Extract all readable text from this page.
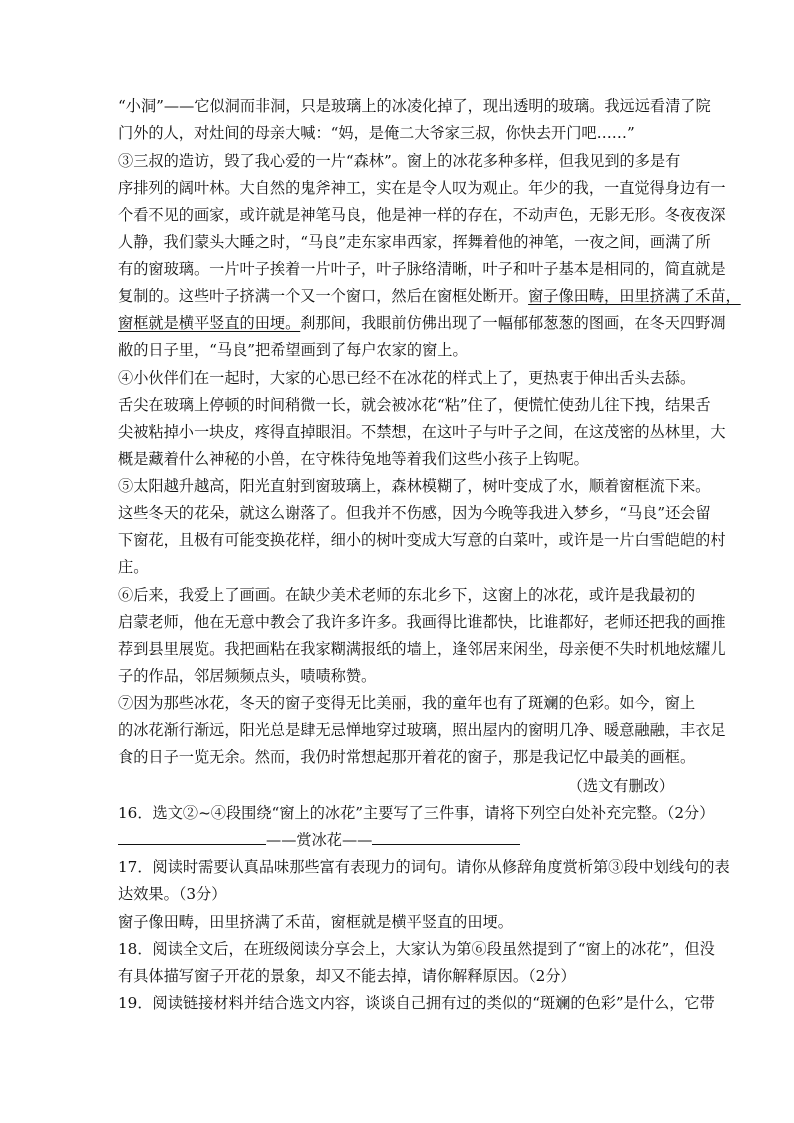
“小洞”——它似洞而非洞，只是玻璃上的冰凌化掉了，现出透明的玻璃。我远远看清了院
门外的人，对灶间的母亲大喊：“妈，是俺二大爷家三叔，你快去开门吧……”
③三叔的造访，毁了我心爱的一片“森林”。窗上的冰花多种多样，但我见到的多是有
序排列的阔叶林。大自然的鬼斧神工，实在是令人叹为观止。年少的我，一直觉得身边有一
个看不见的画家，或许就是神笔马良，他是神一样的存在，不动声色，无影无形。冬夜夜深
人静，我们蒙头大睡之时，“马良”走东家串西家，挥舞着他的神笔，一夜之间，画满了所
有的窗玻璃。一片叶子挨着一片叶子，叶子脉络清晰，叶子和叶子基本是相同的，简直就是
复制的。这些叶子挤满一个又一个窗口，然后在窗框处断开。窗子像田畴，田里挤满了禾苗，
窗框就是横平竖直的田埂。刹那间，我眼前仿佛出现了一幅郁郁葱葱的图画，在冬天四野凋
敝的日子里，“马良”把希望画到了每户农家的窗上。
④小伙伴们在一起时，大家的心思已经不在冰花的样式上了，更热衷于伸出舌头去舔。
舌尖在玻璃上停顿的时间稍微一长，就会被冰花“粘”住了，便慌忙使劲儿往下拽，结果舌
尖被粘掉小一块皮，疼得直掉眼泪。不禁想，在这叶子与叶子之间，在这茂密的丛林里，大
概是藏着什么神秘的小兽，在守株待兔地等着我们这些小孩子上钩呢。
⑤太阳越升越高，阳光直射到窗玻璃上，森林模糊了，树叶变成了水，顺着窗框流下来。
这些冬天的花朵，就这么谢落了。但我并不伤感，因为今晚等我进入梦乡，“马良”还会留
下窗花，且极有可能变换花样，细小的树叶变成大写意的白菜叶，或许是一片白雪皑皑的村
庄。
⑥后来，我爱上了画画。在缺少美术老师的东北乡下，这窗上的冰花，或许是我最初的
启蒙老师，他在无意中教会了我许多许多。我画得比谁都快，比谁都好，老师还把我的画推
荐到县里展览。我把画粘在我家糊满报纸的墙上，逢邻居来闲坐，母亲便不失时机地炫耀儿
子的作品，邻居频频点头，啧啧称赞。
⑦因为那些冰花，冬天的窗子变得无比美丽，我的童年也有了斑斓的色彩。如今，窗上
的冰花渐行渐远，阳光总是肆无忌惮地穿过玻璃，照出屋内的窗明几净、暖意融融，丰衣足
食的日子一览无余。然而，我仍时常想起那开着花的窗子，那是我记忆中最美的画框。
（选文有删改）
16．选文②~④段围绕“窗上的冰花”主要写了三件事，请将下列空白处补充完整。（2分）
——赏冰花——
17．阅读时需要认真品味那些富有表现力的词句。请你从修辞角度赏析第③段中划线句的表
达效果。（3分）
窗子像田畴，田里挤满了禾苗，窗框就是横平竖直的田埂。
18．阅读全文后，在班级阅读分享会上，大家认为第⑥段虽然提到了“窗上的冰花”，但没
有具体描写窗子开花的景象，却又不能去掉，请你解释原因。（2分）
19．阅读链接材料并结合选文内容，谈谈自己拥有过的类似的“斑斓的色彩”是什么，它带
